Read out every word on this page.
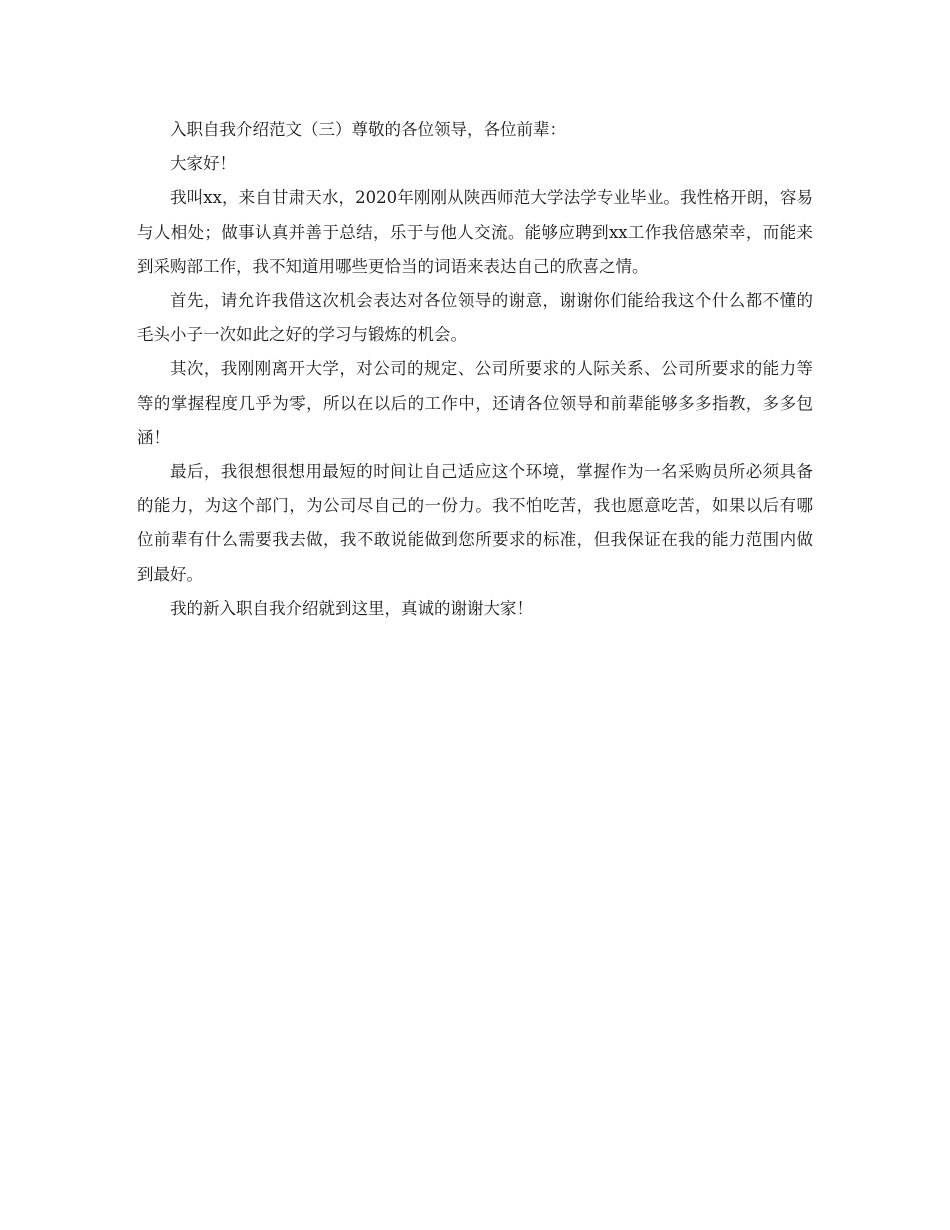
入职自我介绍范文（三）尊敬的各位领导，各位前辈：

大家好！

我叫xx，来自甘肃天水，2020年刚刚从陕西师范大学法学专业毕业。我性格开朗，容易与人相处；做事认真并善于总结，乐于与他人交流。能够应聘到xx工作我倍感荣幸，而能来到采购部工作，我不知道用哪些更恰当的词语来表达自己的欣喜之情。

首先，请允许我借这次机会表达对各位领导的谢意，谢谢你们能给我这个什么都不懂的毛头小子一次如此之好的学习与锻炼的机会。

其次，我刚刚离开大学，对公司的规定、公司所要求的人际关系、公司所要求的能力等等的掌握程度几乎为零，所以在以后的工作中，还请各位领导和前辈能够多多指教，多多包涵！

最后，我很想很想用最短的时间让自己适应这个环境，掌握作为一名采购员所必须具备的能力，为这个部门，为公司尽自己的一份力。我不怕吃苦，我也愿意吃苦，如果以后有哪位前辈有什么需要我去做，我不敢说能做到您所要求的标准，但我保证在我的能力范围内做到最好。

我的新入职自我介绍就到这里，真诚的谢谢大家！
